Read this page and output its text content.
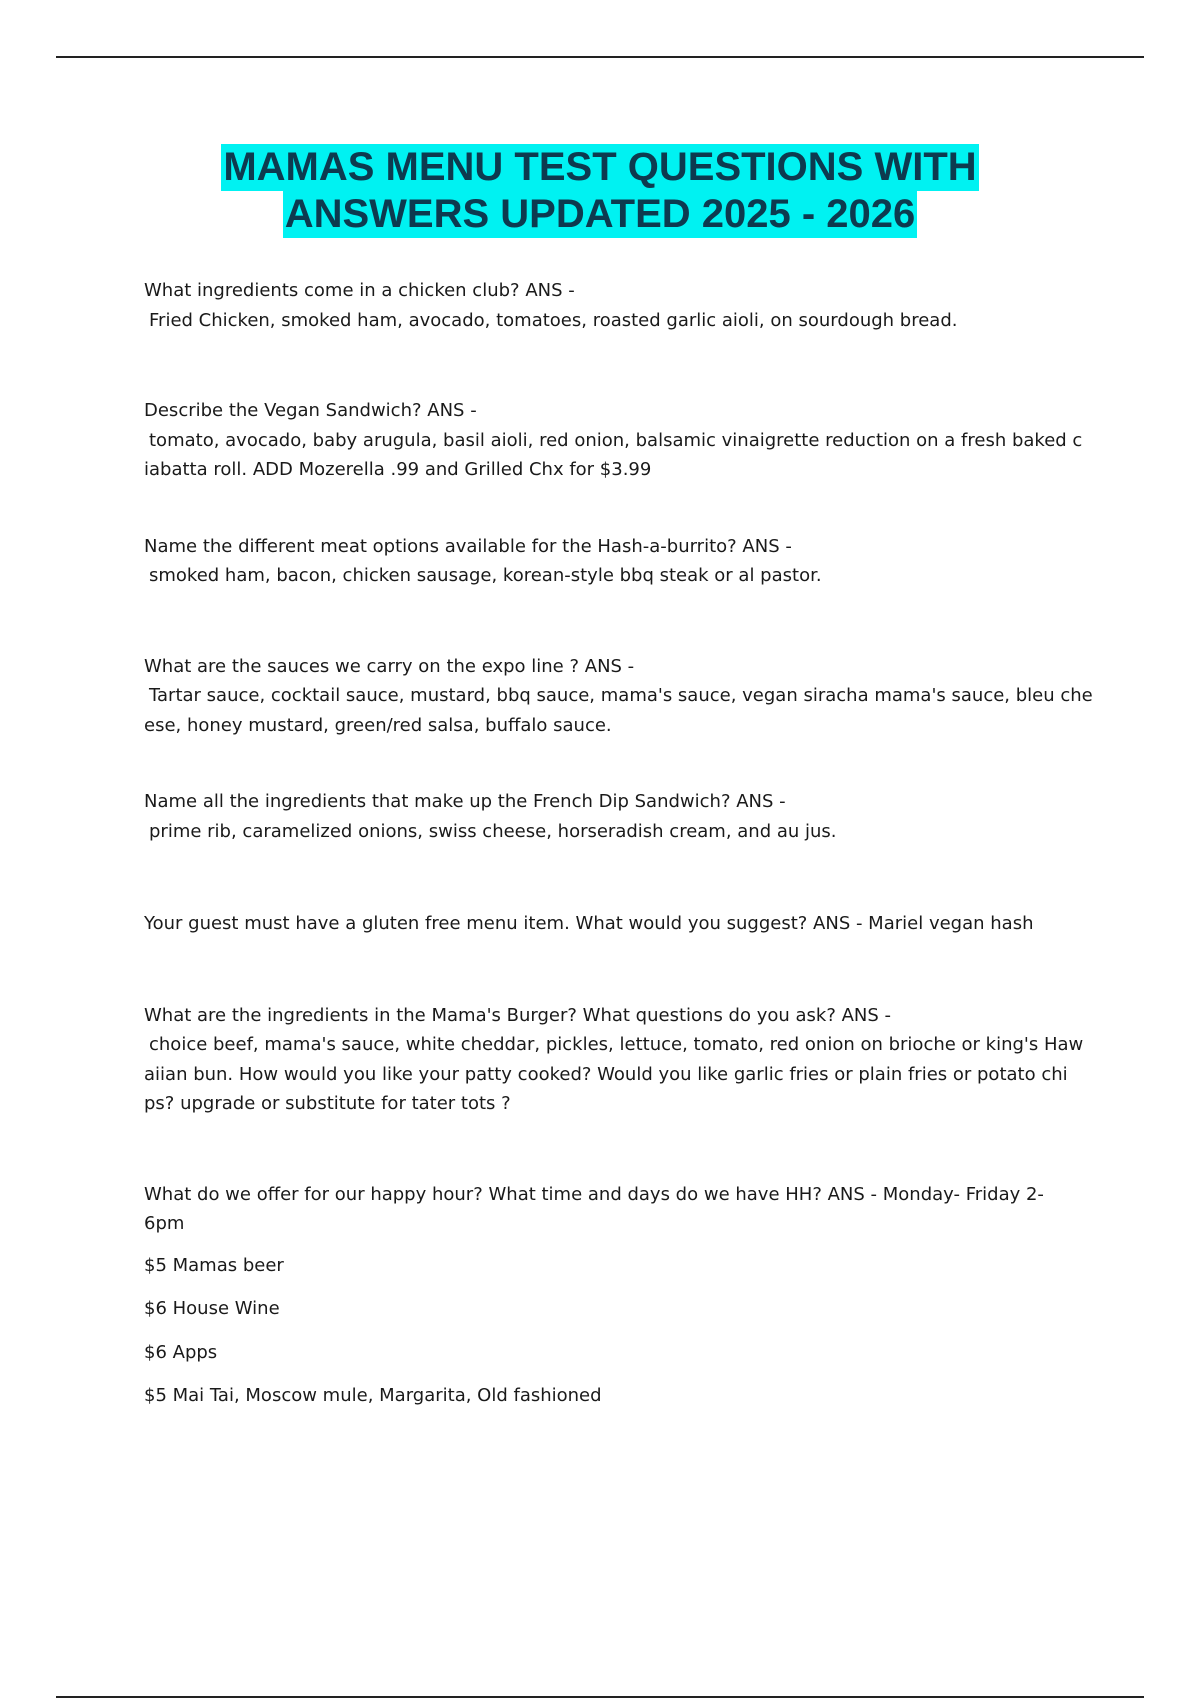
MAMAS MENU TEST QUESTIONS WITH
ANSWERS UPDATED 2025 - 2026

What ingredients come in a chicken club? ANS -

Fried Chicken, smoked ham, avocado, tomatoes, roasted garlic aioli, on sourdough bread.

Describe the Vegan Sandwich? ANS -

tomato, avocado, baby arugula, basil aioli, red onion, balsamic vinaigrette reduction on a fresh baked c
iabatta roll. ADD Mozerella .99 and Grilled Chx for $3.99

Name the different meat options available for the Hash-a-burrito? ANS -

smoked ham, bacon, chicken sausage, korean-style bbq steak or al pastor.

What are the sauces we carry on the expo line ? ANS -

Tartar sauce, cocktail sauce, mustard, bbq sauce, mama's sauce, vegan siracha mama's sauce, bleu che
ese, honey mustard, green/red salsa, buffalo sauce.

Name all the ingredients that make up the French Dip Sandwich? ANS -

prime rib, caramelized onions, swiss cheese, horseradish cream, and au jus.

Your guest must have a gluten free menu item. What would you suggest? ANS - Mariel vegan hash

What are the ingredients in the Mama's Burger? What questions do you ask? ANS -

choice beef, mama's sauce, white cheddar, pickles, lettuce, tomato, red onion on brioche or king's Haw
aiian bun. How would you like your patty cooked? Would you like garlic fries or plain fries or potato chi
ps? upgrade or substitute for tater tots ?

What do we offer for our happy hour? What time and days do we have HH? ANS - Monday- Friday 2-
6pm

$5 Mamas beer

$6 House Wine

$6 Apps

$5 Mai Tai, Moscow mule, Margarita, Old fashioned
